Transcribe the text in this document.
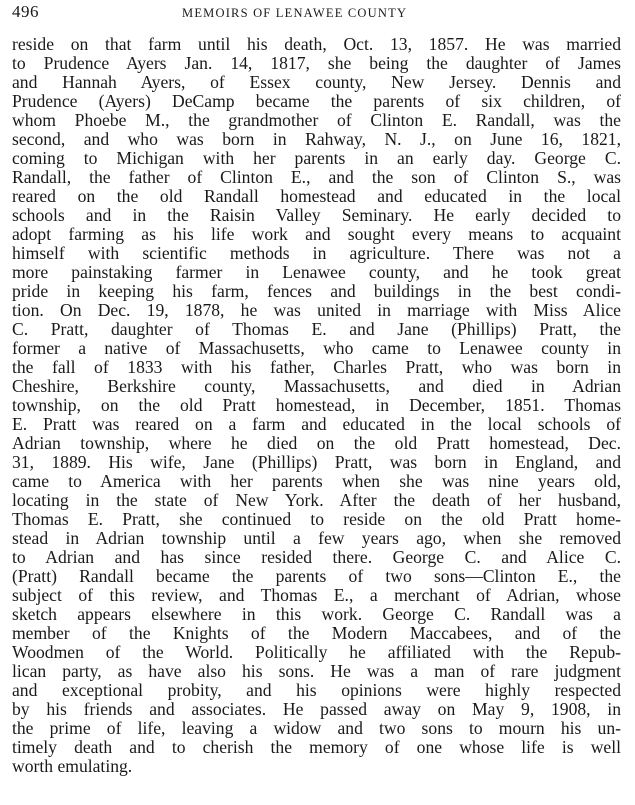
496	MEMOIRS OF LENAWEE COUNTY
reside on that farm until his death, Oct. 13, 1857. He was married
to Prudence Ayers Jan. 14, 1817, she being the daughter of James
and Hannah Ayers, of Essex county, New Jersey. Dennis and
Prudence (Ayers) DeCamp became the parents of six children, of
whom Phoebe M., the grandmother of Clinton E. Randall, was the
second, and who was born in Rahway, N. J., on June 16, 1821,
coming to Michigan with her parents in an early day. George C.
Randall, the father of Clinton E., and the son of Clinton S., was
reared on the old Randall homestead and educated in the local
schools and in the Raisin Valley Seminary. He early decided to
adopt farming as his life work and sought every means to acquaint
himself with scientific methods in agriculture. There was not a
more painstaking farmer in Lenawee county, and he took great
pride in keeping his farm, fences and buildings in the best condi-
tion. On Dec. 19, 1878, he was united in marriage with Miss Alice
C. Pratt, daughter of Thomas E. and Jane (Phillips) Pratt, the
former a native of Massachusetts, who came to Lenawee county in
the fall of 1833 with his father, Charles Pratt, who was born in
Cheshire, Berkshire county, Massachusetts, and died in Adrian
township, on the old Pratt homestead, in December, 1851. Thomas
E. Pratt was reared on a farm and educated in the local schools of
Adrian township, where he died on the old Pratt homestead, Dec.
31, 1889. His wife, Jane (Phillips) Pratt, was born in England, and
came to America with her parents when she was nine years old,
locating in the state of New York. After the death of her husband,
Thomas E. Pratt, she continued to reside on the old Pratt home-
stead in Adrian township until a few years ago, when she removed
to Adrian and has since resided there. George C. and Alice C.
(Pratt) Randall became the parents of two sons—Clinton E., the
subject of this review, and Thomas E., a merchant of Adrian, whose
sketch appears elsewhere in this work. George C. Randall was a
member of the Knights of the Modern Maccabees, and of the
Woodmen of the World. Politically he affiliated with the Repub-
lican party, as have also his sons. He was a man of rare judgment
and exceptional probity, and his opinions were highly respected
by his friends and associates. He passed away on May 9, 1908, in
the prime of life, leaving a widow and two sons to mourn his un-
timely death and to cherish the memory of one whose life is well
worth emulating.
